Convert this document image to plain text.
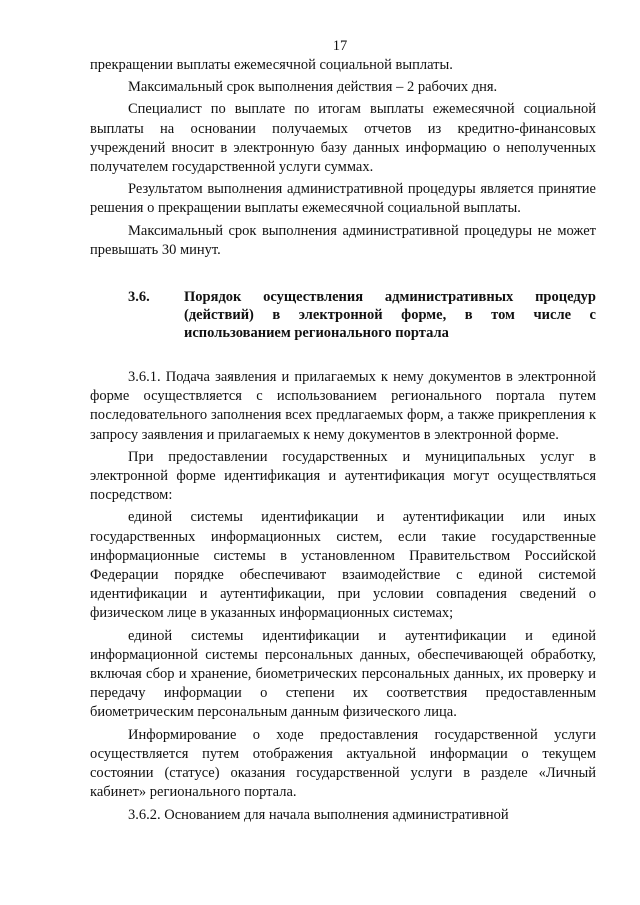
17

прекращении выплаты ежемесячной социальной выплаты.

Максимальный срок выполнения действия – 2 рабочих дня.

Специалист по выплате по итогам выплаты ежемесячной социальной выплаты на основании получаемых отчетов из кредитно-финансовых учреждений вносит в электронную базу данных информацию о неполученных получателем государственной услуги суммах.

Результатом выполнения административной процедуры является принятие решения о прекращении выплаты ежемесячной социальной выплаты.

Максимальный срок выполнения административной процедуры не может превышать 30 минут.

3.6.	Порядок осуществления административных процедур (действий) в электронной форме, в том числе с использованием регионального портала

3.6.1. Подача заявления и прилагаемых к нему документов в электронной форме осуществляется с использованием регионального портала путем последовательного заполнения всех предлагаемых форм, а также прикрепления к запросу заявления и прилагаемых к нему документов в электронной форме.

При предоставлении государственных и муниципальных услуг в электронной форме идентификация и аутентификация могут осуществляться посредством:

единой системы идентификации и аутентификации или иных государственных информационных систем, если такие государственные информационные системы в установленном Правительством Российской Федерации порядке обеспечивают взаимодействие с единой системой идентификации и аутентификации, при условии совпадения сведений о физическом лице в указанных информационных системах;

единой системы идентификации и аутентификации и единой информационной системы персональных данных, обеспечивающей обработку, включая сбор и хранение, биометрических персональных данных, их проверку и передачу информации о степени их соответствия предоставленным биометрическим персональным данным физического лица.

Информирование о ходе предоставления государственной услуги осуществляется путем отображения актуальной информации о текущем состоянии (статусе) оказания государственной услуги в разделе «Личный кабинет» регионального портала.

3.6.2. Основанием для начала выполнения административной
